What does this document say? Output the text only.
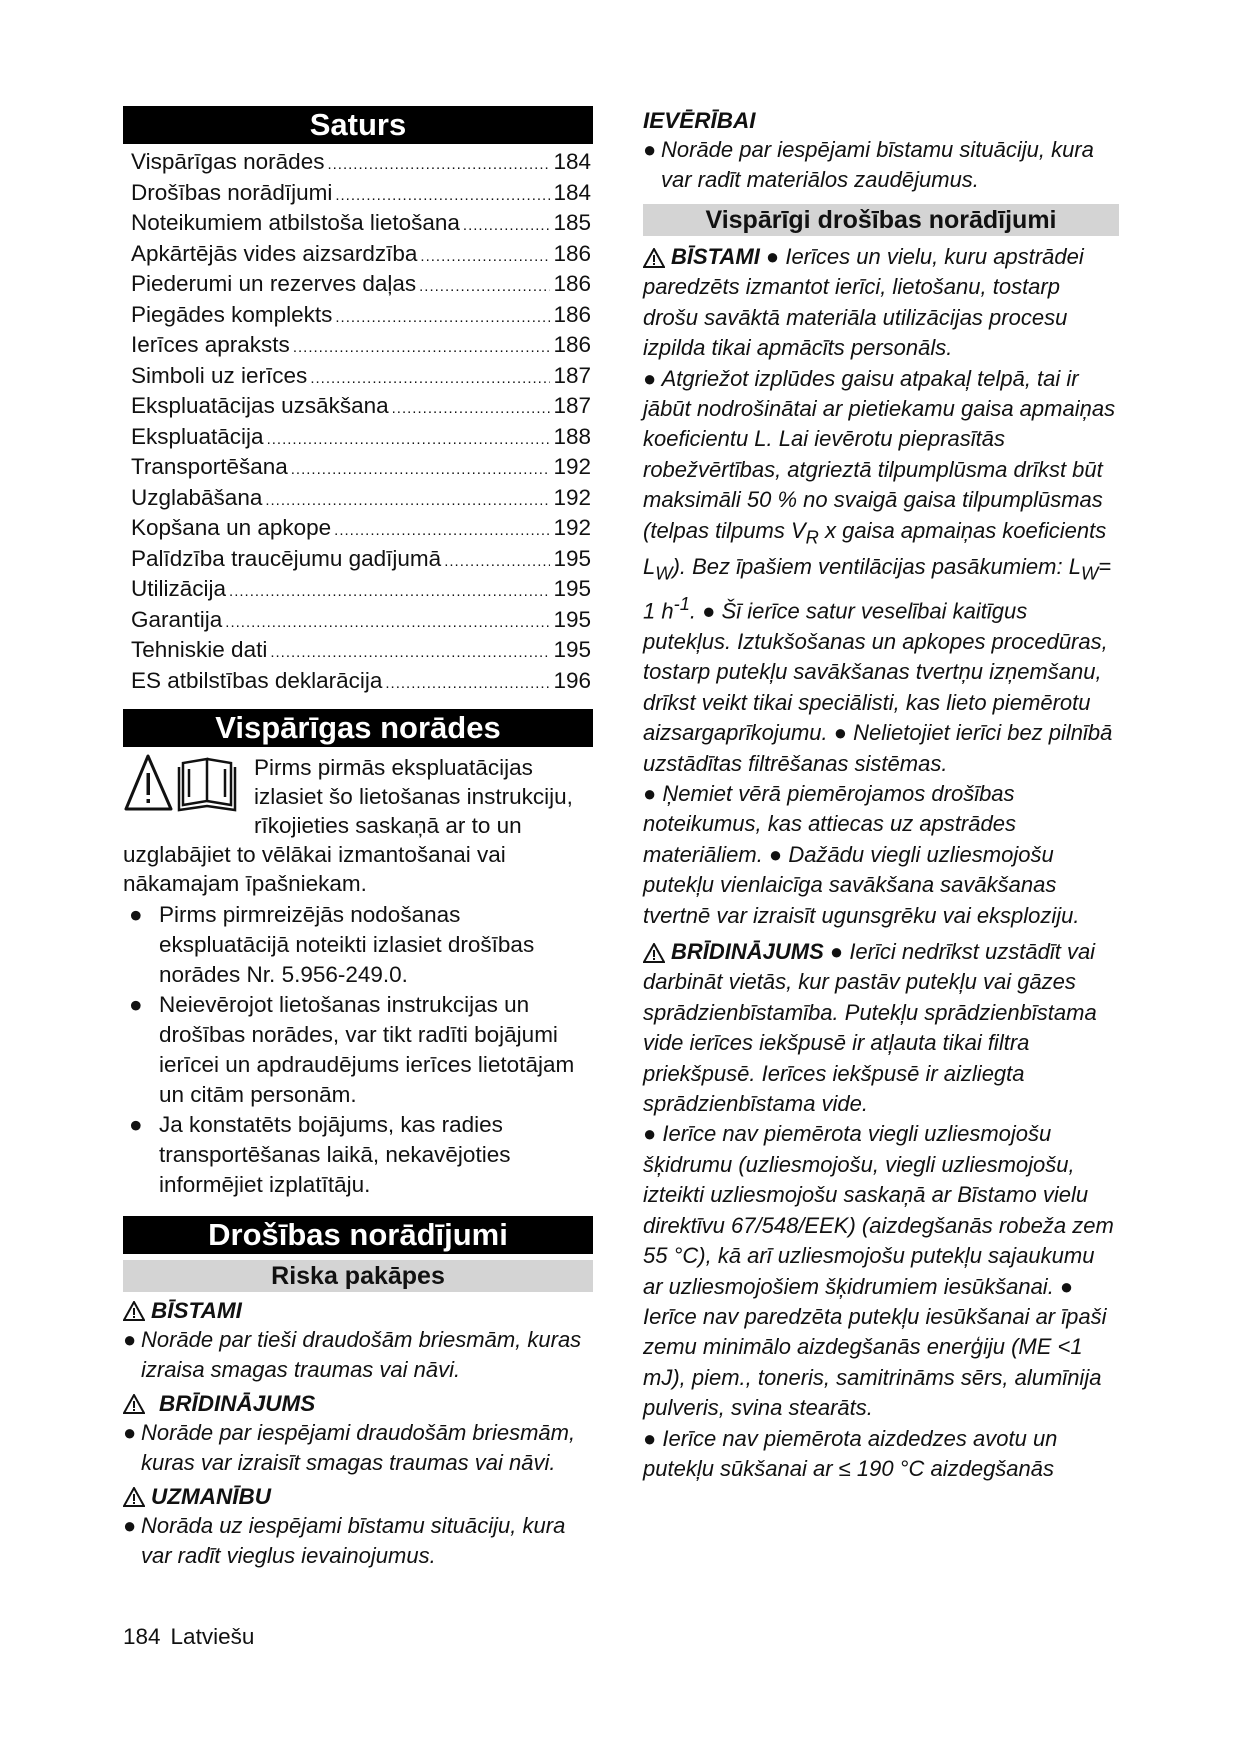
Saturs
Vispārīgas norādes .....	184
Drošības norādījumi .....	184
Noteikumiem atbilstoša lietošana .....	185
Apkārtējās vides aizsardzība .....	186
Piederumi un rezerves daļas .....	186
Piegādes komplekts .....	186
Ierīces apraksts .....	186
Simboli uz ierīces .....	187
Ekspluatācijas uzsākšana .....	187
Ekspluatācija .....	188
Transportēšana .....	192
Uzglabāšana .....	192
Kopšana un apkope .....	192
Palīdzība traucējumu gadījumā .....	195
Utilizācija .....	195
Garantija .....	195
Tehniskie dati .....	195
ES atbilstības deklarācija .....	196
Vispārīgas norādes
Pirms pirmās ekspluatācijas izlasiet šo lietošanas instrukciju, rīkojieties saskaņā ar to un uzglabājiet to vēlākai izmantošanai vai nākamajam īpašniekam.
● Pirms pirmreizējās nodošanas ekspluatācijā noteikti izlasiet drošības norādes Nr. 5.956-249.0.
● Neievērojot lietošanas instrukcijas un drošības norādes, var tikt radīti bojājumi ierīcei un apdraudējums ierīces lietotājam un citām personām.
● Ja konstatēts bojājums, kas radies transportēšanas laikā, nekavējoties informējiet izplatītāju.
Drošības norādījumi
Riska pakāpes
BĪSTAMI
● Norāde par tieši draudošām briesmām, kuras izraisa smagas traumas vai nāvi.
BRĪDINĀJUMS
● Norāde par iespējami draudošām briesmām, kuras var izraisīt smagas traumas vai nāvi.
UZMANĪBU
● Norāda uz iespējami bīstamu situāciju, kura var radīt vieglus ievainojumus.
IEVĒRĪBAI
● Norāde par iespējami bīstamu situāciju, kura var radīt materiālos zaudējumus.
Vispārīgi drošības norādījumi

BĪSTAMI ● Ierīces un vielu, kuru apstrādei paredzēts izmantot ierīci, lietošanu, tostarp drošu savāktā materiāla utilizācijas procesu izpilda tikai apmācīts personāls.

● Atgriežot izplūdes gaisu atpakaļ telpā, tai ir jābūt nodrošinātai ar pietiekamu gaisa apmaiņas koeficientu L. Lai ievērotu pieprasītās robežvērtības, atgrieztā tilpumplūsma drīkst būt maksimāli 50 % no svaigā gaisa tilpumplūsmas (telpas tilpums $V_R$ x gaisa apmaiņas koeficients $L_W$). Bez īpašiem ventilācijas pasākumiem: $L_W= 1$ $h^{-1}$. ● Šī ierīce satur veselībai kaitīgus putekļus. Iztukšošanas un apkopes procedūras, tostarp putekļu savākšanas tvertņu izņemšanu, drīkst veikt tikai speciālisti, kas lieto piemērotu aizsargaprīkojumu. ● Nelietojiet ierīci bez pilnībā uzstādītas filtrēšanas sistēmas.

● Ņemiet vērā piemērojamos drošības noteikumus, kas attiecas uz apstrādes materiāliem. ● Dažādu viegli uzliesmojošu putekļu vienlaicīga savākšana savākšanas tvertnē var izraisīt ugunsgrēku vai eksploziju.

BRĪDINĀJUMS ● Ierīci nedrīkst uzstādīt vai darbināt vietās, kur pastāv putekļu vai gāzes sprādzienbīstamība. Putekļu sprādzienbīstama vide ierīces iekšpusē ir atļauta tikai filtra priekšpusē. Ierīces iekšpusē ir aizliegta sprādzienbīstama vide.

● Ierīce nav piemērota viegli uzliesmojošu šķidrumu (uzliesmojošu, viegli uzliesmojošu, izteikti uzliesmojošu saskaņā ar Bīstamo vielu direktīvu 67/548/EEK) (aizdegšanās robeža zem 55 °C), kā arī uzliesmojošu putekļu sajaukumu ar uzliesmojošiem šķidrumiem iesūkšanai. ● Ierīce nav paredzēta putekļu iesūkšanai ar īpaši zemu minimālo aizdegšanās enerģiju (ME <1 mJ), piem., toneris, samitrināms sērs, alumīnija pulveris, svina stearāts.

● Ierīce nav piemērota aizdedzes avotu un putekļu sūkšanai ar ≤ 190 °C aizdegšanās

184 Latviešu
